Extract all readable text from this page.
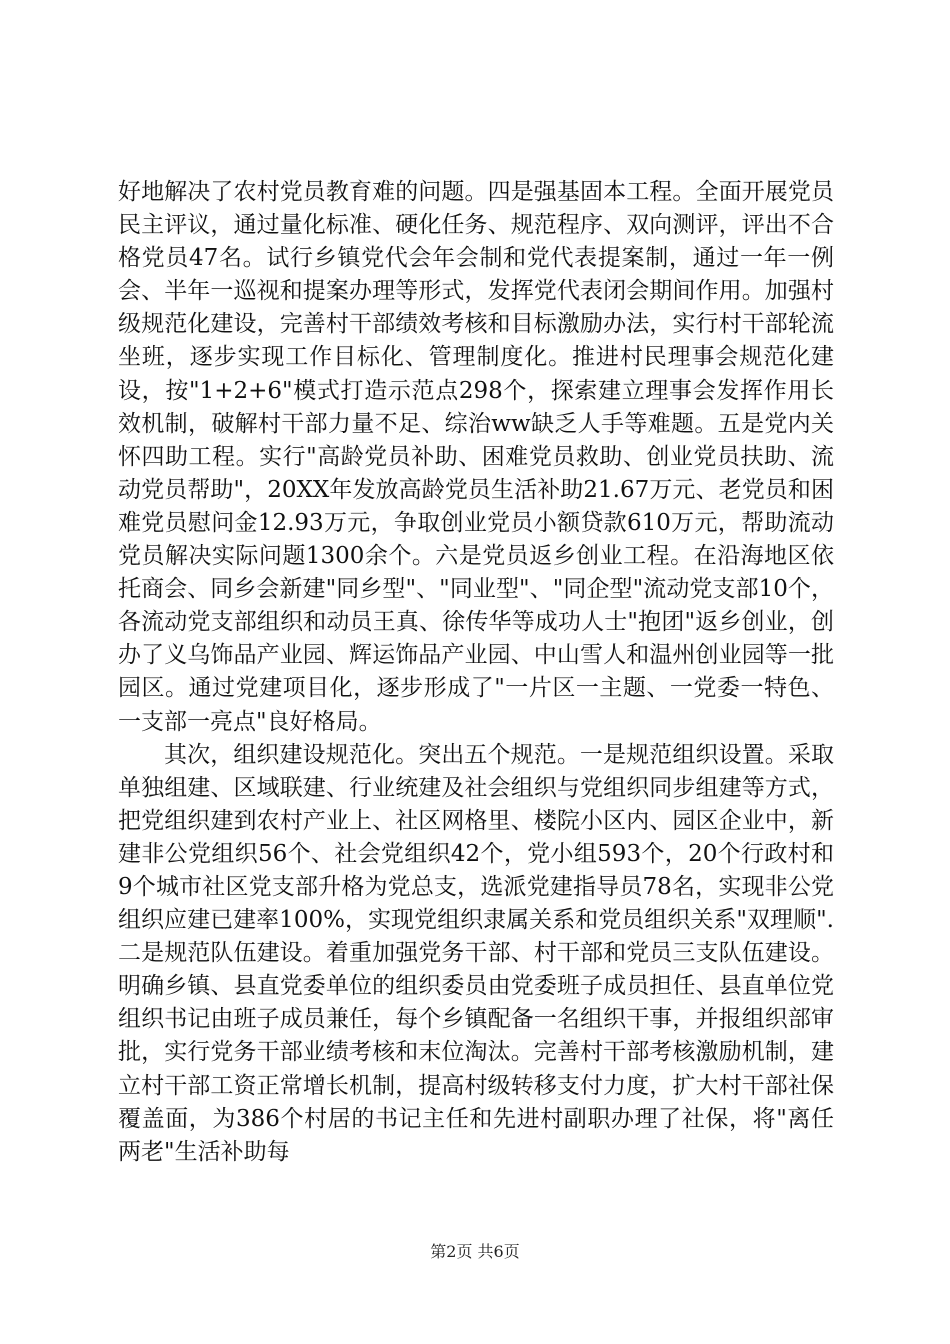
好地解决了农村党员教育难的问题。四是强基固本工程。全面开展党员民主评议，通过量化标准、硬化任务、规范程序、双向测评，评出不合格党员47名。试行乡镇党代会年会制和党代表提案制，通过一年一例会、半年一巡视和提案办理等形式，发挥党代表闭会期间作用。加强村级规范化建设，完善村干部绩效考核和目标激励办法，实行村干部轮流坐班，逐步实现工作目标化、管理制度化。推进村民理事会规范化建设，按"1+2+6"模式打造示范点298个，探索建立理事会发挥作用长效机制，破解村干部力量不足、综治ww缺乏人手等难题。五是党内关怀四助工程。实行"高龄党员补助、困难党员救助、创业党员扶助、流动党员帮助"，20XX年发放高龄党员生活补助21.67万元、老党员和困难党员慰问金12.93万元，争取创业党员小额贷款610万元，帮助流动党员解决实际问题1300余个。六是党员返乡创业工程。在沿海地区依托商会、同乡会新建"同乡型"、"同业型"、"同企型"流动党支部10个，各流动党支部组织和动员王真、徐传华等成功人士"抱团"返乡创业，创办了义乌饰品产业园、辉运饰品产业园、中山雪人和温州创业园等一批园区。通过党建项目化，逐步形成了"一片区一主题、一党委一特色、一支部一亮点"良好格局。

其次，组织建设规范化。突出五个规范。一是规范组织设置。采取单独组建、区域联建、行业统建及社会组织与党组织同步组建等方式，把党组织建到农村产业上、社区网格里、楼院小区内、园区企业中，新建非公党组织56个、社会党组织42个，党小组593个，20个行政村和9个城市社区党支部升格为党总支，选派党建指导员78名，实现非公党组织应建已建率100%，实现党组织隶属关系和党员组织关系"双理顺".二是规范队伍建设。着重加强党务干部、村干部和党员三支队伍建设。明确乡镇、县直党委单位的组织委员由党委班子成员担任、县直单位党组织书记由班子成员兼任，每个乡镇配备一名组织干事，并报组织部审批，实行党务干部业绩考核和末位淘汰。完善村干部考核激励机制，建立村干部工资正常增长机制，提高村级转移支付力度，扩大村干部社保覆盖面，为386个村居的书记主任和先进村副职办理了社保，将"离任两老"生活补助每

第2页 共6页
